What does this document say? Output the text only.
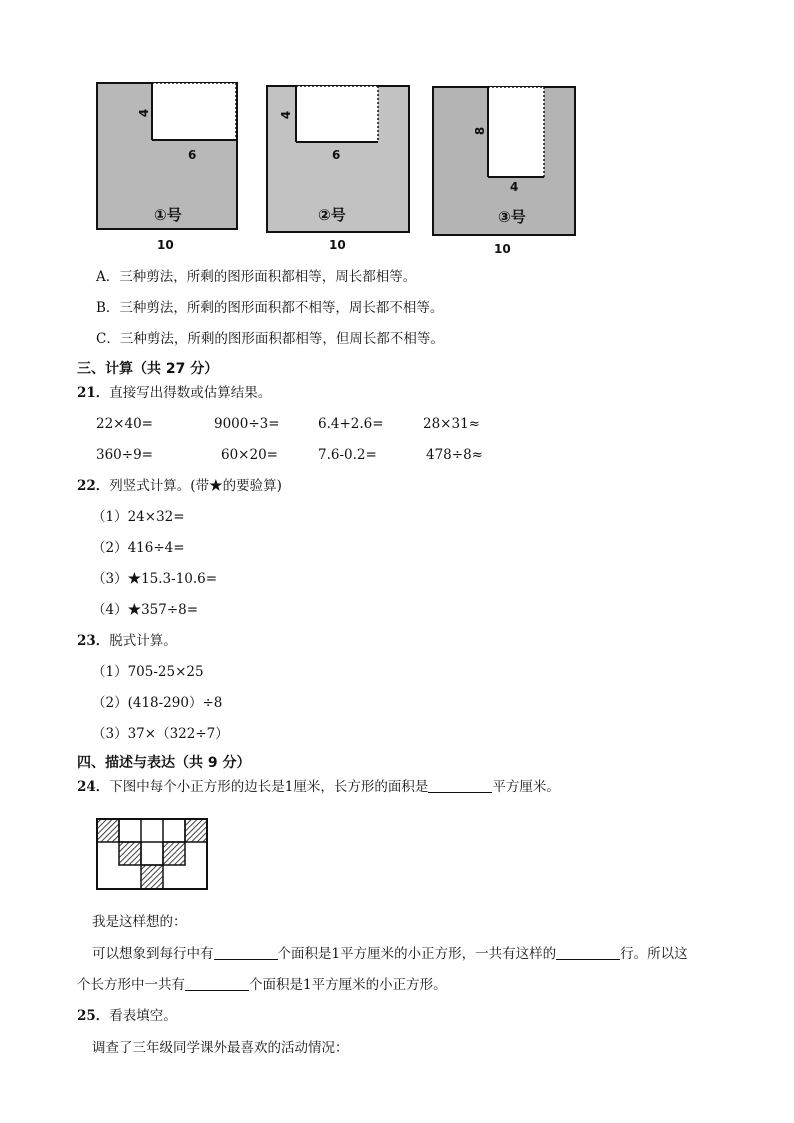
4
6
①号
10
4
6
②号
10
8
4
③号
10
A．三种剪法，所剩的图形面积都相等，周长都相等。
B．三种剪法，所剩的图形面积都不相等，周长都不相等。
C．三种剪法，所剩的图形面积都相等，但周长都不相等。
三、计算（共 27 分）
21．直接写出得数或估算结果。
22×40=	9000÷3=	6.4+2.6=	28×31≈
360÷9=	60×20=	7.6-0.2=	478÷8≈
22．列竖式计算。(带★的要验算)
（1）24×32=
（2）416÷4=
（3）★15.3-10.6=
（4）★357÷8=
23．脱式计算。
（1）705-25×25
（2）(418-290）÷8
（3）37×（322÷7）
四、描述与表达（共 9 分）
24．下图中每个小正方形的边长是1厘米，长方形的面积是	平方厘米。
我是这样想的：
可以想象到每行中有	个面积是1平方厘米的小正方形，一共有这样的	行。所以这
个长方形中一共有	个面积是1平方厘米的小正方形。
25．看表填空。
调查了三年级同学课外最喜欢的活动情况：
